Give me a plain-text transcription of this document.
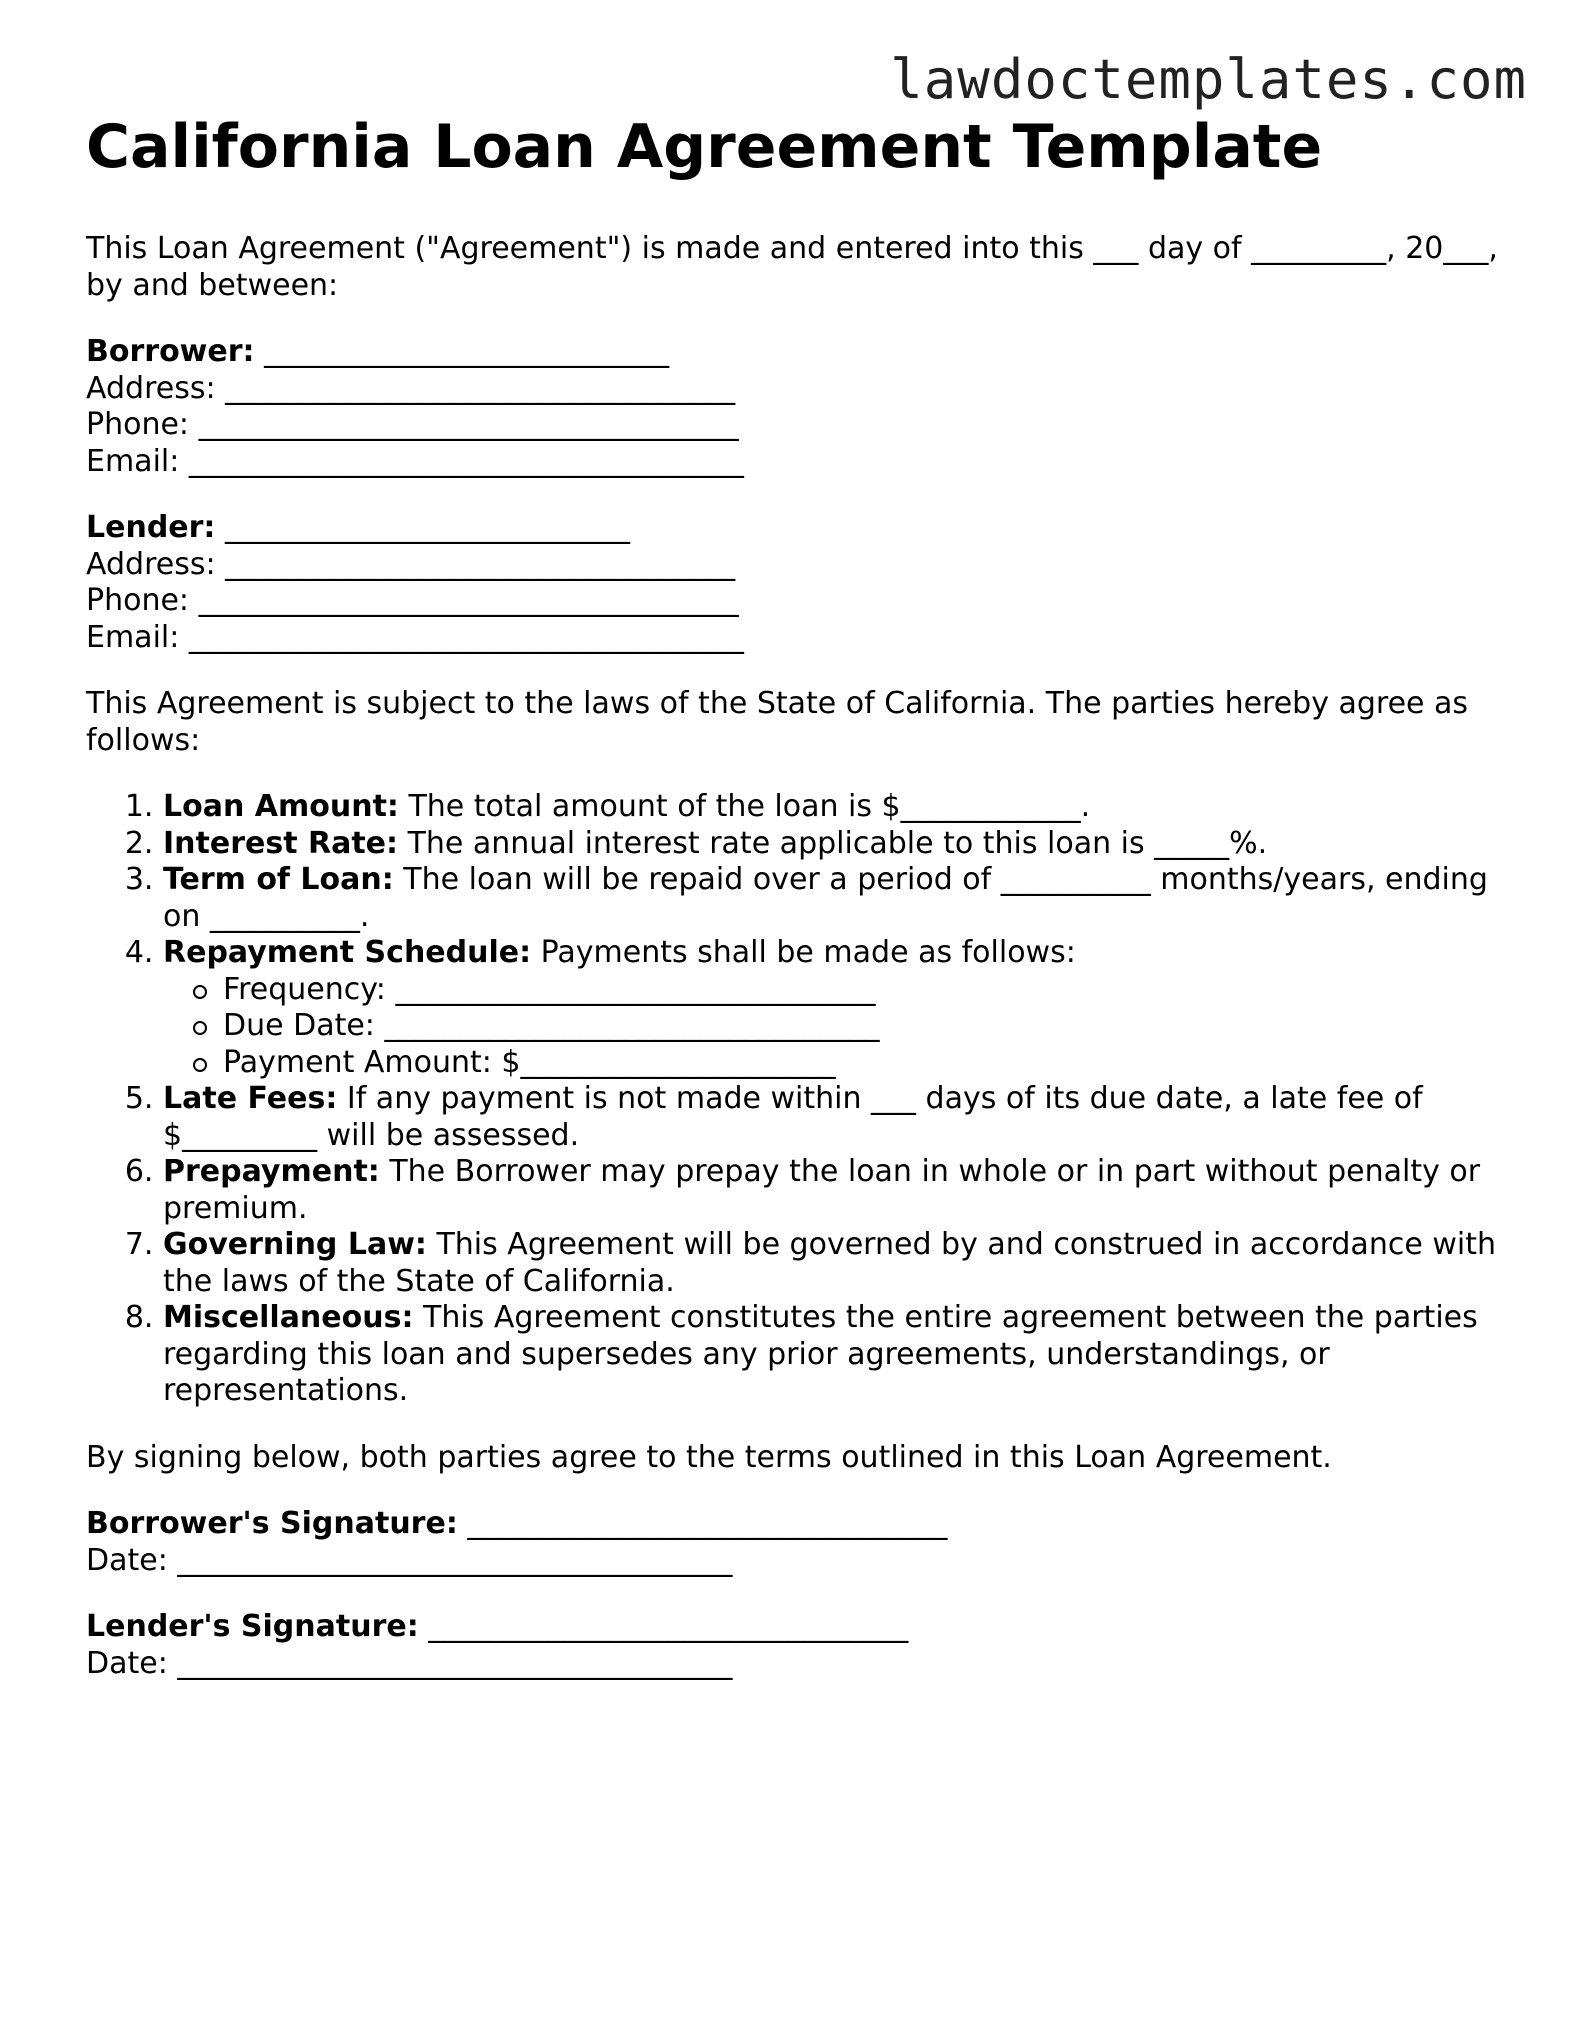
lawdoctemplates.com
California Loan Agreement Template

This Loan Agreement ("Agreement") is made and entered into this ___ day of _________, 20___, by and between:

Borrower: ___________________________

Address: __________________________________

Phone: ____________________________________

Email: _____________________________________

Lender: ___________________________

Address: __________________________________

Phone: ____________________________________

Email: _____________________________________

This Agreement is subject to the laws of the State of California. The parties hereby agree as follows:

1. Loan Amount: The total amount of the loan is $____________.
2. Interest Rate: The annual interest rate applicable to this loan is _____%.
3. Term of Loan: The loan will be repaid over a period of __________ months/years, ending on __________.
4. Repayment Schedule: Payments shall be made as follows:
Frequency: ________________________________
Due Date: _________________________________
Payment Amount: $_____________________
5. Late Fees: If any payment is not made within ___ days of its due date, a late fee of $_________ will be assessed.
6. Prepayment: The Borrower may prepay the loan in whole or in part without penalty or premium.
7. Governing Law: This Agreement will be governed by and construed in accordance with the laws of the State of California.
8. Miscellaneous: This Agreement constitutes the entire agreement between the parties regarding this loan and supersedes any prior agreements, understandings, or representations.

By signing below, both parties agree to the terms outlined in this Loan Agreement.

Borrower's Signature: ________________________________

Date: _____________________________________

Lender's Signature: ________________________________

Date: _____________________________________
